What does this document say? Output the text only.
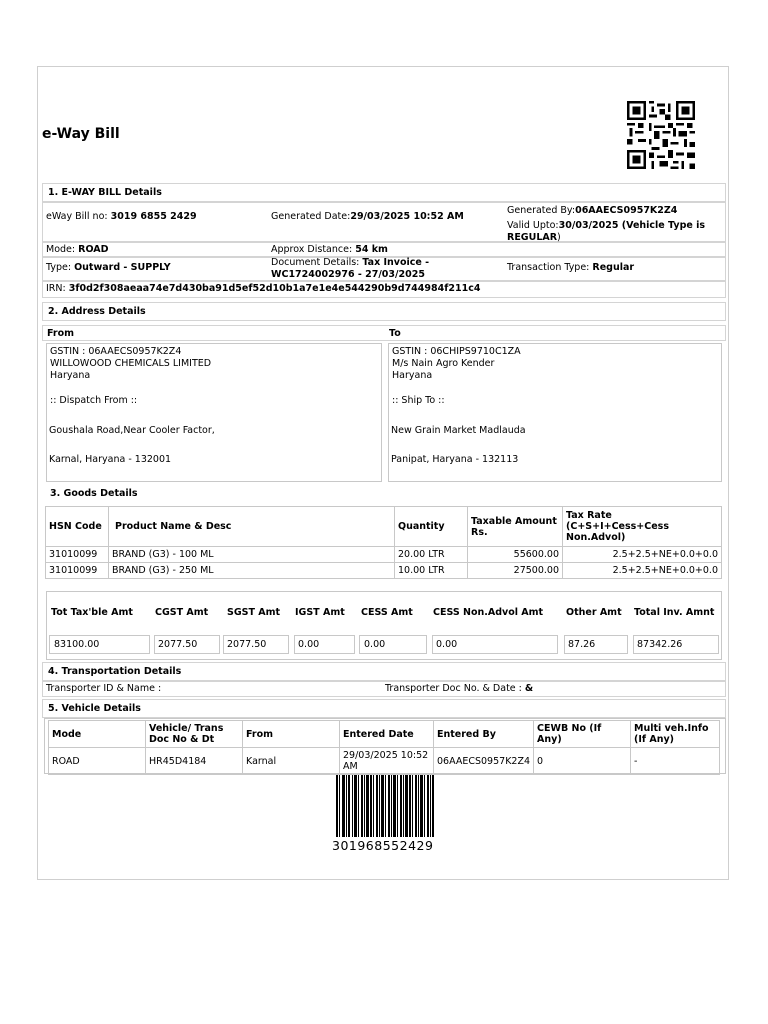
e-Way Bill
1. E-WAY BILL Details
eWay Bill no: 3019 6855 2429	Generated Date:29/03/2025 10:52 AM
Generated By:06AAECS0957K2Z4
Valid Upto:30/03/2025 (Vehicle Type is REGULAR)
Mode: ROAD	Approx Distance: 54 km
Type: Outward - SUPPLY	Document Details: Tax Invoice - WC1724002976 - 27/03/2025
Transaction Type: Regular
IRN: 3f0d2f308aeaa74e7d430ba91d5ef52d10b1a7e1e4e544290b9d744984f211c4
2. Address Details
From	To
GSTIN : 06AAECS0957K2Z4
WILLOWOOD CHEMICALS LIMITED
Haryana
:: Dispatch From ::
Goushala Road,Near Cooler Factor,
Karnal, Haryana - 132001
GSTIN : 06CHIPS9710C1ZA
M/s Nain Agro Kender
Haryana
:: Ship To ::
New Grain Market Madlauda
Panipat, Haryana - 132113
3. Goods Details
HSN Code	Product Name & Desc	Quantity	Taxable Amount Rs.	Tax Rate (C+S+I+Cess+Cess Non.Advol)
31010099	BRAND (G3) - 100 ML	20.00 LTR	55600.00	2.5+2.5+NE+0.0+0.0
31010099	BRAND (G3) - 250 ML	10.00 LTR	27500.00	2.5+2.5+NE+0.0+0.0
Tot Tax'ble Amt CGST Amt SGST Amt IGST Amt CESS Amt CESS Non.Advol Amt Other Amt Total Inv. Amnt
83100.00	2077.50	2077.50	0.00	0.00	0.00	87.26	87342.26
4. Transportation Details
Transporter ID & Name :	Transporter Doc No. & Date : &
5. Vehicle Details
Mode	Vehicle/ Trans Doc No & Dt	From	Entered Date	Entered By	CEWB No (If Any)	Multi veh.Info (If Any)
ROAD	HR45D4184	Karnal	29/03/2025 10:52 AM	06AAECS0957K2Z4	0	-
301968552429
